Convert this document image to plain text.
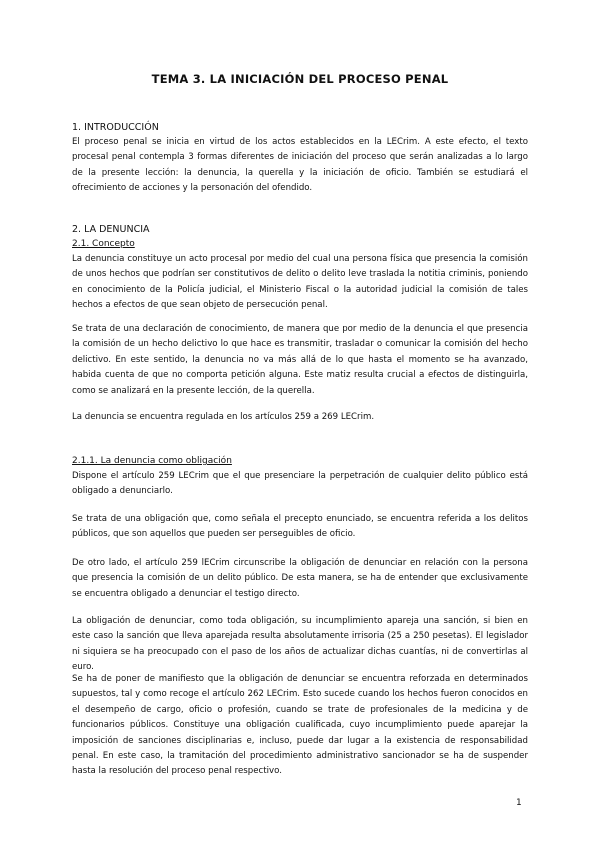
TEMA 3. LA INICIACIÓN DEL PROCESO PENAL
1. INTRODUCCIÓN

El proceso penal se inicia en virtud de los actos establecidos en la LECrim. A este efecto, el texto procesal penal contempla 3 formas diferentes de iniciación del proceso que serán analizadas a lo largo de la presente lección: la denuncia, la querella y la iniciación de oficio. También se estudiará el ofrecimiento de acciones y la personación del ofendido.

2. LA DENUNCIA
2.1. Concepto

La denuncia constituye un acto procesal por medio del cual una persona física que presencia la comisión de unos hechos que podrían ser constitutivos de delito o delito leve traslada la notitia criminis, poniendo en conocimiento de la Policía judicial, el Ministerio Fiscal o la autoridad judicial la comisión de tales hechos a efectos de que sean objeto de persecución penal.

Se trata de una declaración de conocimiento, de manera que por medio de la denuncia el que presencia la comisión de un hecho delictivo lo que hace es transmitir, trasladar o comunicar la comisión del hecho delictivo. En este sentido, la denuncia no va más allá de lo que hasta el momento se ha avanzado, habida cuenta de que no comporta petición alguna. Este matiz resulta crucial a efectos de distinguirla, como se analizará en la presente lección, de la querella.

La denuncia se encuentra regulada en los artículos 259 a 269 LECrim.

2.1.1. La denuncia como obligación

Dispone el artículo 259 LECrim que el que presenciare la perpetración de cualquier delito público está obligado a denunciarlo.

Se trata de una obligación que, como señala el precepto enunciado, se encuentra referida a los delitos públicos, que son aquellos que pueden ser perseguibles de oficio.

De otro lado, el artículo 259 lECrim circunscribe la obligación de denunciar en relación con la persona que presencia la comisión de un delito público. De esta manera, se ha de entender que exclusivamente se encuentra obligado a denunciar el testigo directo.

La obligación de denunciar, como toda obligación, su incumplimiento apareja una sanción, si bien en este caso la sanción que lleva aparejada resulta absolutamente irrisoria (25 a 250 pesetas). El legislador ni siquiera se ha preocupado con el paso de los años de actualizar dichas cuantías, ni de convertirlas al euro.

Se ha de poner de manifiesto que la obligación de denunciar se encuentra reforzada en determinados supuestos, tal y como recoge el artículo 262 LECrim. Esto sucede cuando los hechos fueron conocidos en el desempeño de cargo, oficio o profesión, cuando se trate de profesionales de la medicina y de funcionarios públicos. Constituye una obligación cualificada, cuyo incumplimiento puede aparejar la imposición de sanciones disciplinarias e, incluso, puede dar lugar a la existencia de responsabilidad penal. En este caso, la tramitación del procedimiento administrativo sancionador se ha de suspender hasta la resolución del proceso penal respectivo.

1
